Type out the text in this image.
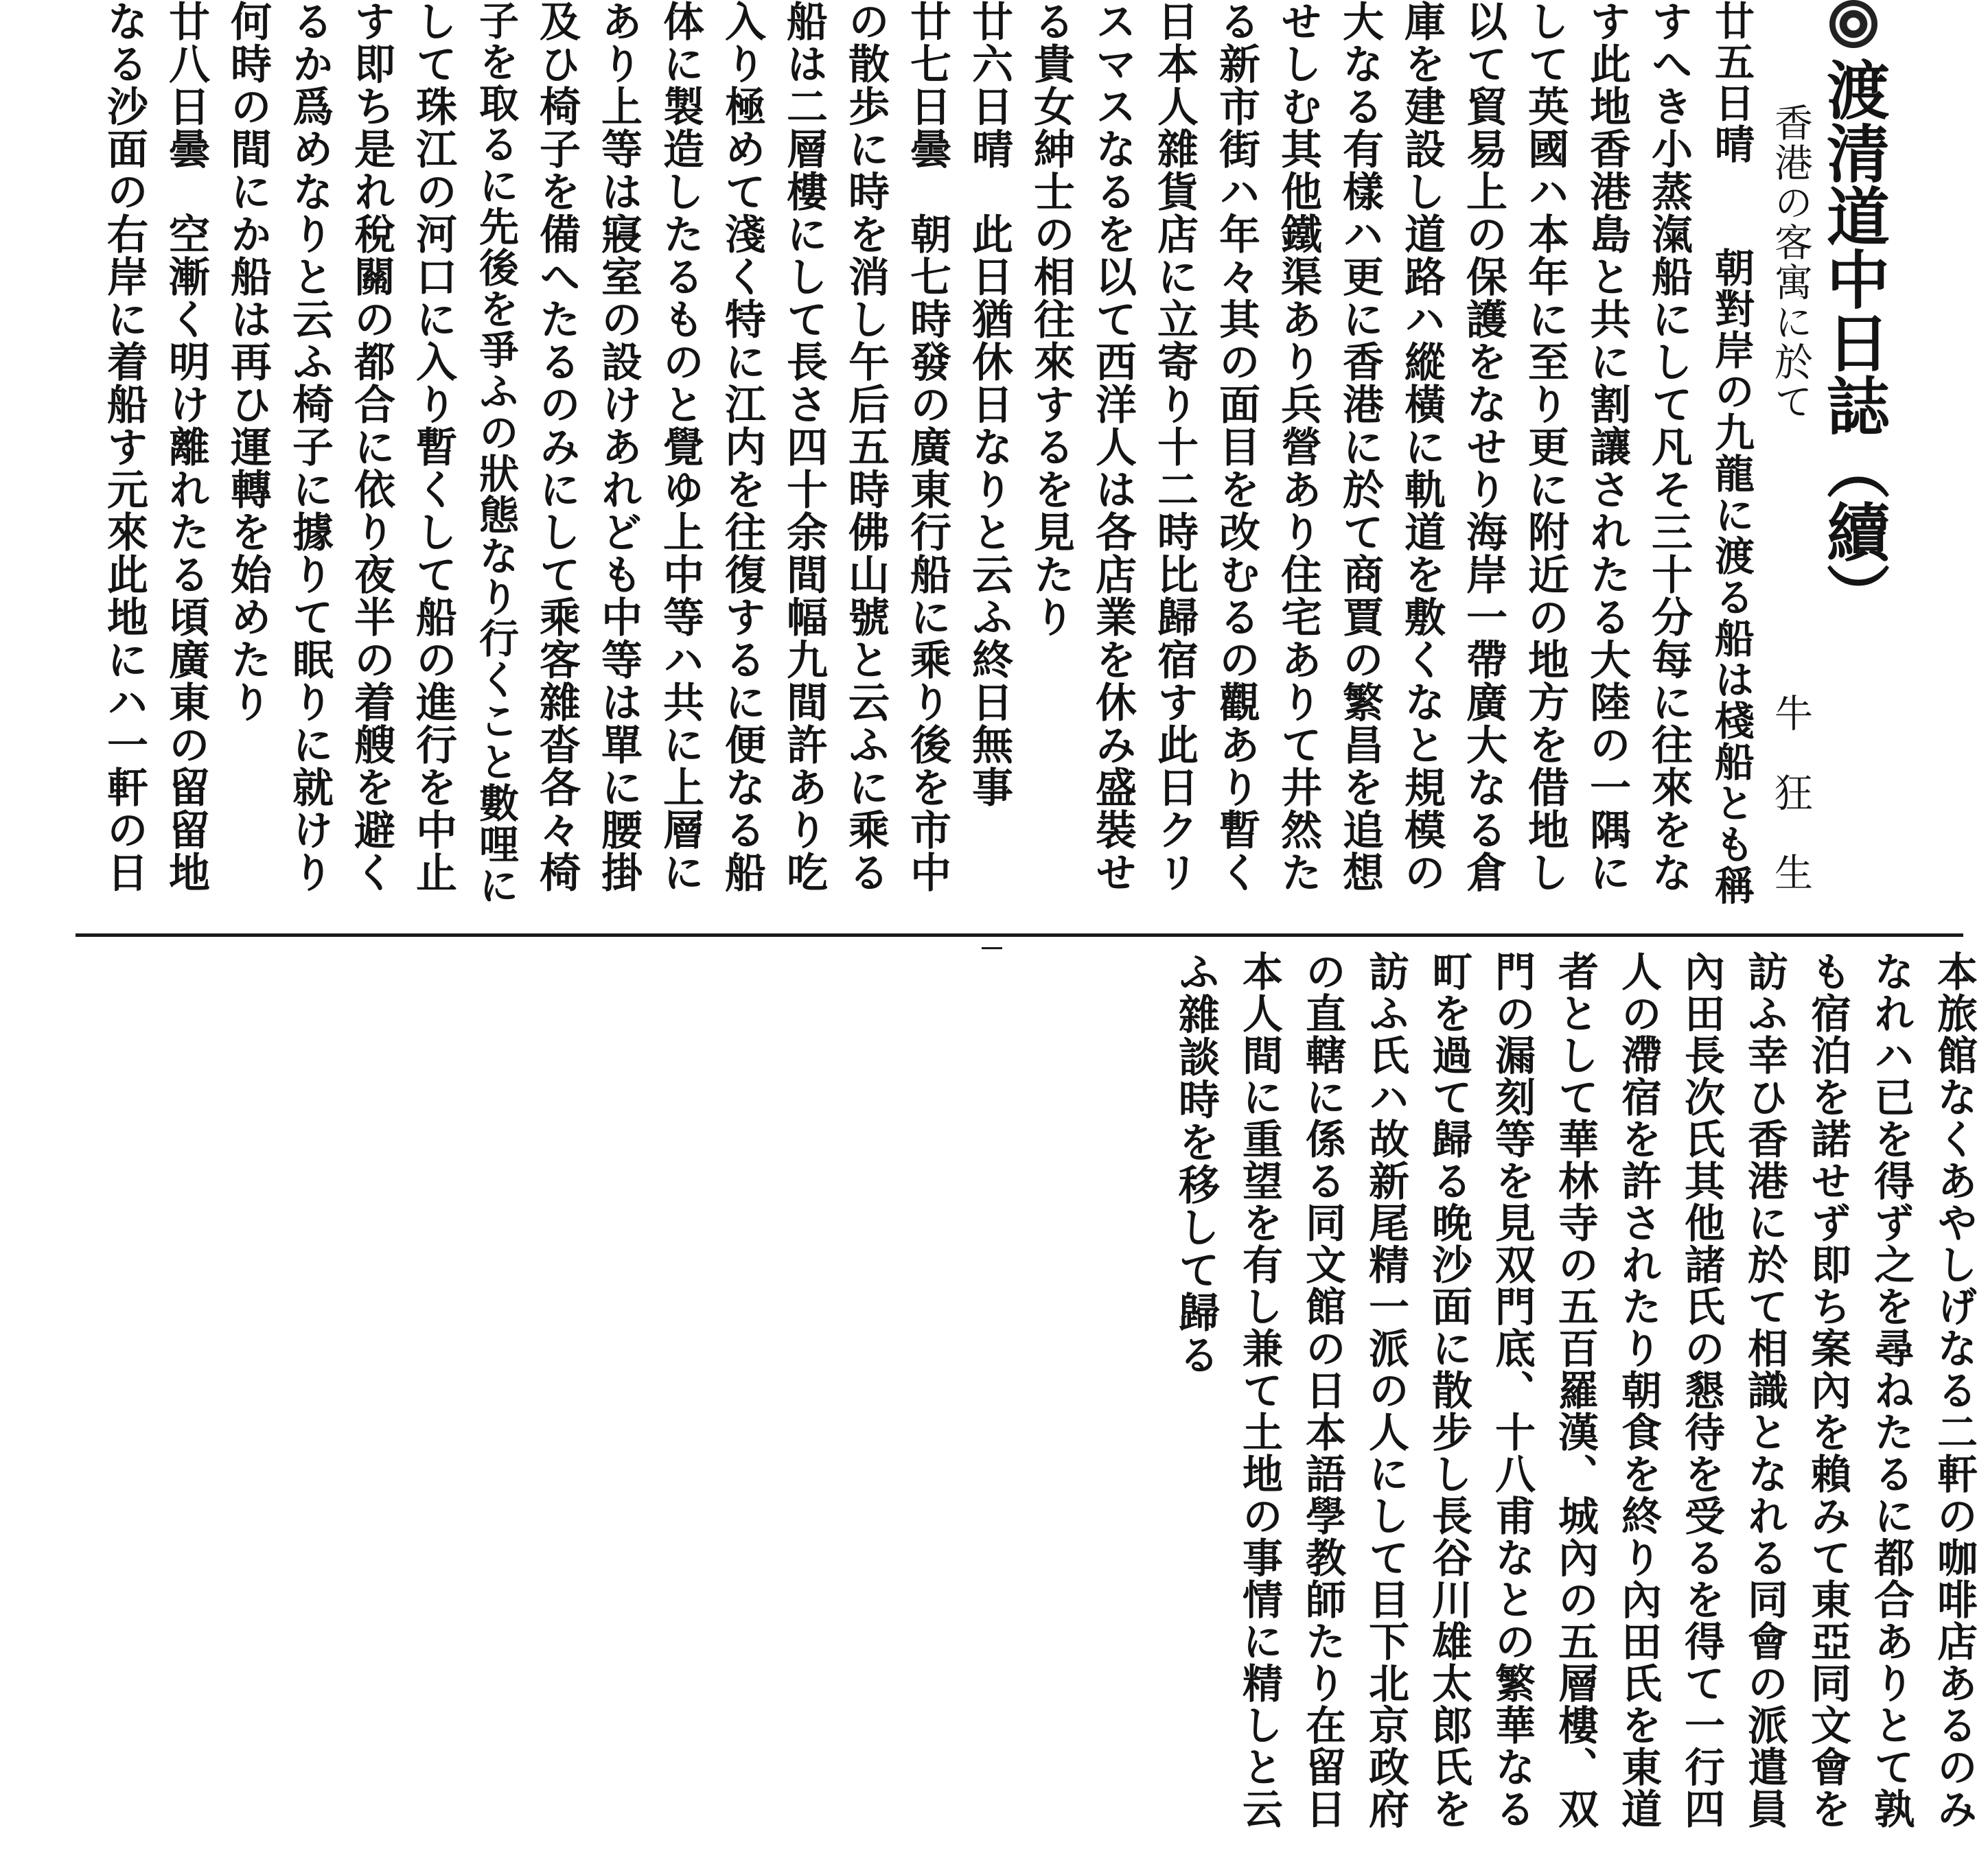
渡清道中日誌（續）
香港の客寓に於て
牛　狂　生
廿五日晴　　朝對岸の九龍に渡る船は棧船とも稱
すへき小蒸滊船にして凡そ三十分每に往來をな
す此地香港島と共に割讓されたる大陸の一隅に
して英國ハ本年に至り更に附近の地方を借地し
以て貿易上の保護をなせり海岸一帶廣大なる倉
庫を建設し道路ハ縱橫に軌道を敷くなと規模の
大なる有樣ハ更に香港に於て商賈の繁昌を追想
せしむ其他鐵渠あり兵營あり住宅ありて井然た
る新市街ハ年々其の面目を改むるの觀あり暫く
日本人雜貨店に立寄り十二時比歸宿す此日クリ
スマスなるを以て西洋人は各店業を休み盛裝せ
る貴女紳士の相往來するを見たり
廿六日晴　此日猶休日なりと云ふ終日無事
廿七日曇　朝七時發の廣東行船に乘り後を市中
の散歩に時を消し午后五時佛山號と云ふに乘る
船は二層樓にして長さ四十余間幅九間許あり吃
入り極めて淺く特に江内を往復するに便なる船
体に製造したるものと覺ゆ上中等ハ共に上層に
あり上等は寢室の設けあれども中等は單に腰掛
及ひ椅子を備へたるのみにして乘客雜沓各々椅
子を取るに先後を爭ふの狀態なり行くこと數哩に
して珠江の河口に入り暫くして船の進行を中止
す即ち是れ稅關の都合に依り夜半の着艘を避く
るか爲めなりと云ふ椅子に據りて眠りに就けり
何時の間にか船は再ひ運轉を始めたり
廿八日曇　空漸く明け離れたる頃廣東の留留地
なる沙面の右岸に着船す元來此地にハ一軒の日
本旅館なくあやしげなる二軒の咖啡店あるのみ
なれハ已を得ず之を尋ねたるに都合ありとて孰
も宿泊を諾せず即ち案內を賴みて東亞同文會を
訪ふ幸ひ香港に於て相識となれる同會の派遣員
內田長次氏其他諸氏の懇待を受るを得て一行四
人の滯宿を許されたり朝食を終り內田氏を東道
者として華林寺の五百羅漢、城內の五層樓、双
門の漏刻等を見双門底、十八甫なとの繁華なる
町を過て歸る晚沙面に散步し長谷川雄太郎氏を
訪ふ氏ハ故新尾精一派の人にして目下北京政府
の直轄に係る同文館の日本語學教師たり在留日
本人間に重望を有し兼て土地の事情に精しと云
ふ雜談時を移して歸る
